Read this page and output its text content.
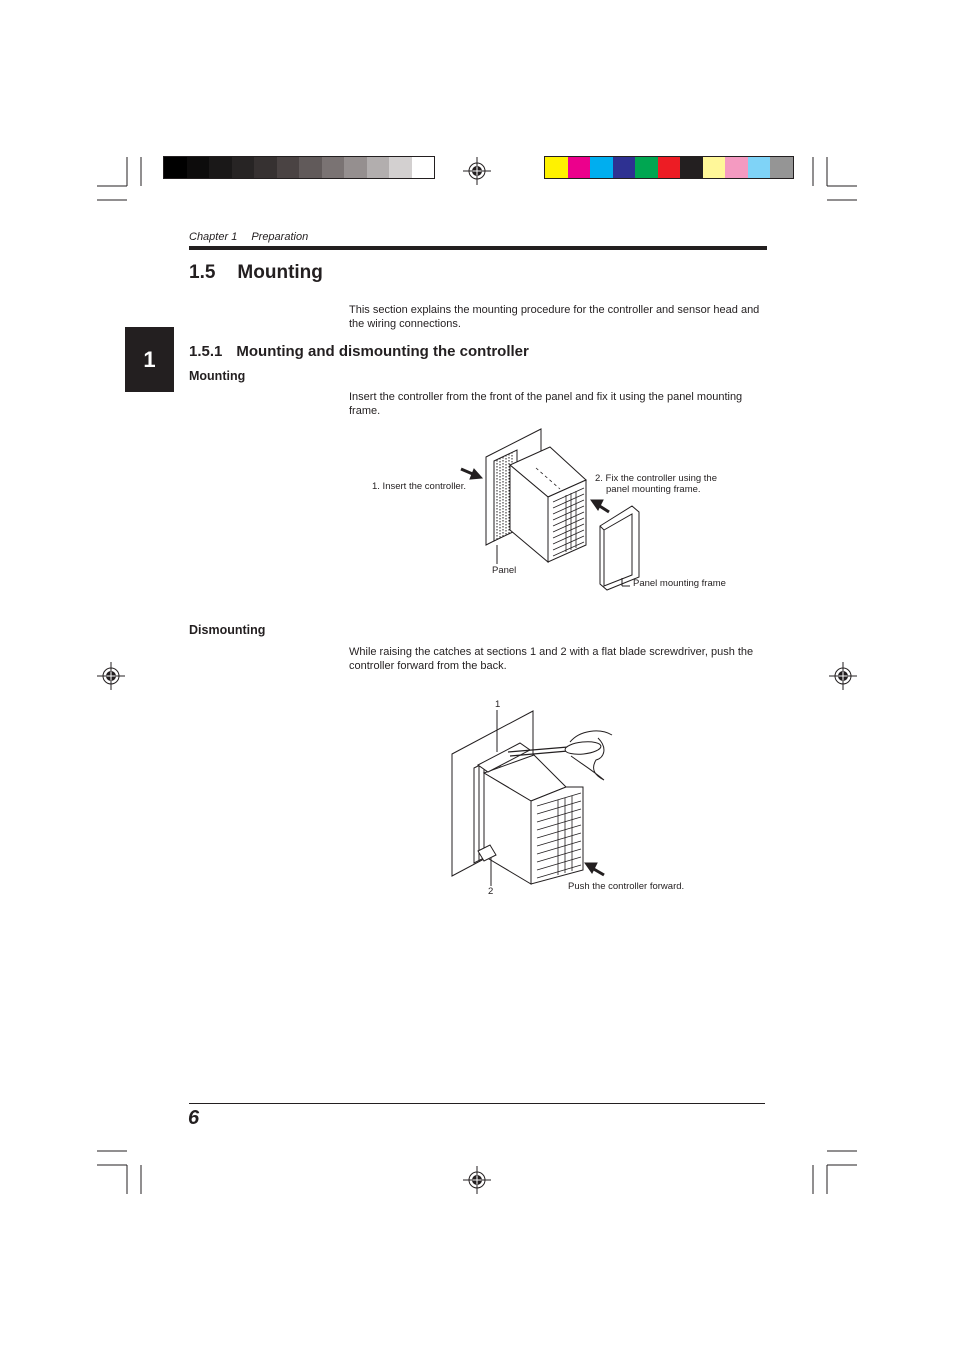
Chapter 1 Preparation
1
1.5 Mounting
This section explains the mounting procedure for the controller and sensor head and the wiring connections.
1.5.1 Mounting and dismounting the controller
Mounting
Insert the controller from the front of the panel and fix it using the panel mounting frame.
1. Insert the controller.
2. Fix the controller using the
panel mounting frame.
Panel
Panel mounting frame
Dismounting
While raising the catches at sections 1 and 2 with a flat blade screwdriver, push the controller forward from the back.
1
2	Push the controller forward.
6
